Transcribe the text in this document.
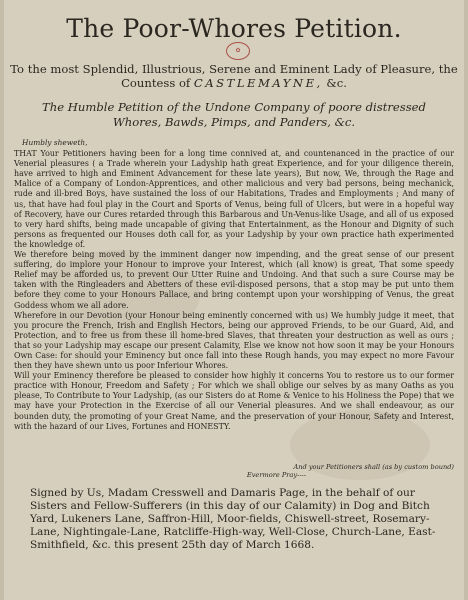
The Poor-Whores Petition.
✿
To the most Splendid, Illustrious, Serene and Eminent Lady of Pleasure, the
Countess of CASTLEMAYNE, &c.
The Humble Petition of the Undone Company of poore distressed Whores, Bawds, Pimps, and Panders, &c.

Humbly sheweth,

THAT Your Petitioners having been for a long time connived at, and countenanced in the practice of our Venerial pleasures ( a Trade wherein your Ladyship hath great Experience, and for your diligence therein, have arrived to high and Eminent Advancement for these late years), But now, We, through the Rage and Malice of a Company of London-Apprentices, and other malicious and very bad persons, being mechanick, rude and ill-bred Boys, have sustained the loss of our Habitations, Trades and Employments ; And many of us, that have had foul play in the Court and Sports of Venus, being full of Ulcers, but were in a hopeful way of Recovery, have our Cures retarded through this Barbarous and Un-Venus-like Usage, and all of us exposed to very hard shifts, being made uncapable of giving that Entertainment, as the Honour and Dignity of such persons as frequented our Houses doth call for, as your Ladyship by your own practice hath experimented the knowledge of.

We therefore being moved by the imminent danger now impending, and the great sense of our present suffering, do implore your Honour to improve your Interest, which (all know) is great, That some speedy Relief may be afforded us, to prevent Our Utter Ruine and Undoing. And that such a sure Course may be taken with the Ringleaders and Abetters of these evil-disposed persons, that a stop may be put unto them before they come to your Honours Pallace, and bring contempt upon your worshipping of Venus, the great Goddess whom we all adore.

Wherefore in our Devotion (your Honour being eminently concerned with us) We humbly judge it meet, that you procure the French, Irish and English Hectors, being our approved Friends, to be our Guard, Aid, and Protection, and to free us from these ill home-bred Slaves, that threaten your destruction as well as ours ; that so your Ladyship may escape our present Calamity, Else we know not how soon it may be your Honours Own Case: for should your Eminency but once fall into these Rough hands, you may expect no more Favour then they have shewn unto us poor Inferiour Whores.

Will your Eminency therefore be pleased to consider how highly it concerns You to restore us to our former practice with Honour, Freedom and Safety ; For which we shall oblige our selves by as many Oaths as you please, To Contribute to Your Ladyship, (as our Sisters do at Rome & Venice to his Holiness the Pope) that we may have your Protection in the Exercise of all our Venerial pleasures. And we shall endeavour, as our bounden duty, the promoting of your Great Name, and the preservation of your Honour, Safety and Interest, with the hazard of our Lives, Fortunes and HONESTY.

And your Petitioners shall (as by custom bound)
Evermore Pray----
Signed by Us, Madam Cresswell and Damaris Page, in the behalf of our Sisters and Fellow-Sufferers (in this day of our Calamity) in Dog and Bitch Yard, Lukeners Lane, Saffron-Hill, Moor-fields, Chiswell-street, Rosemary-Lane, Nightingale-Lane, Ratcliffe-High-way, Well-Close, Church-Lane, East-Smithfield, &c. this present 25th day of March 1668.
